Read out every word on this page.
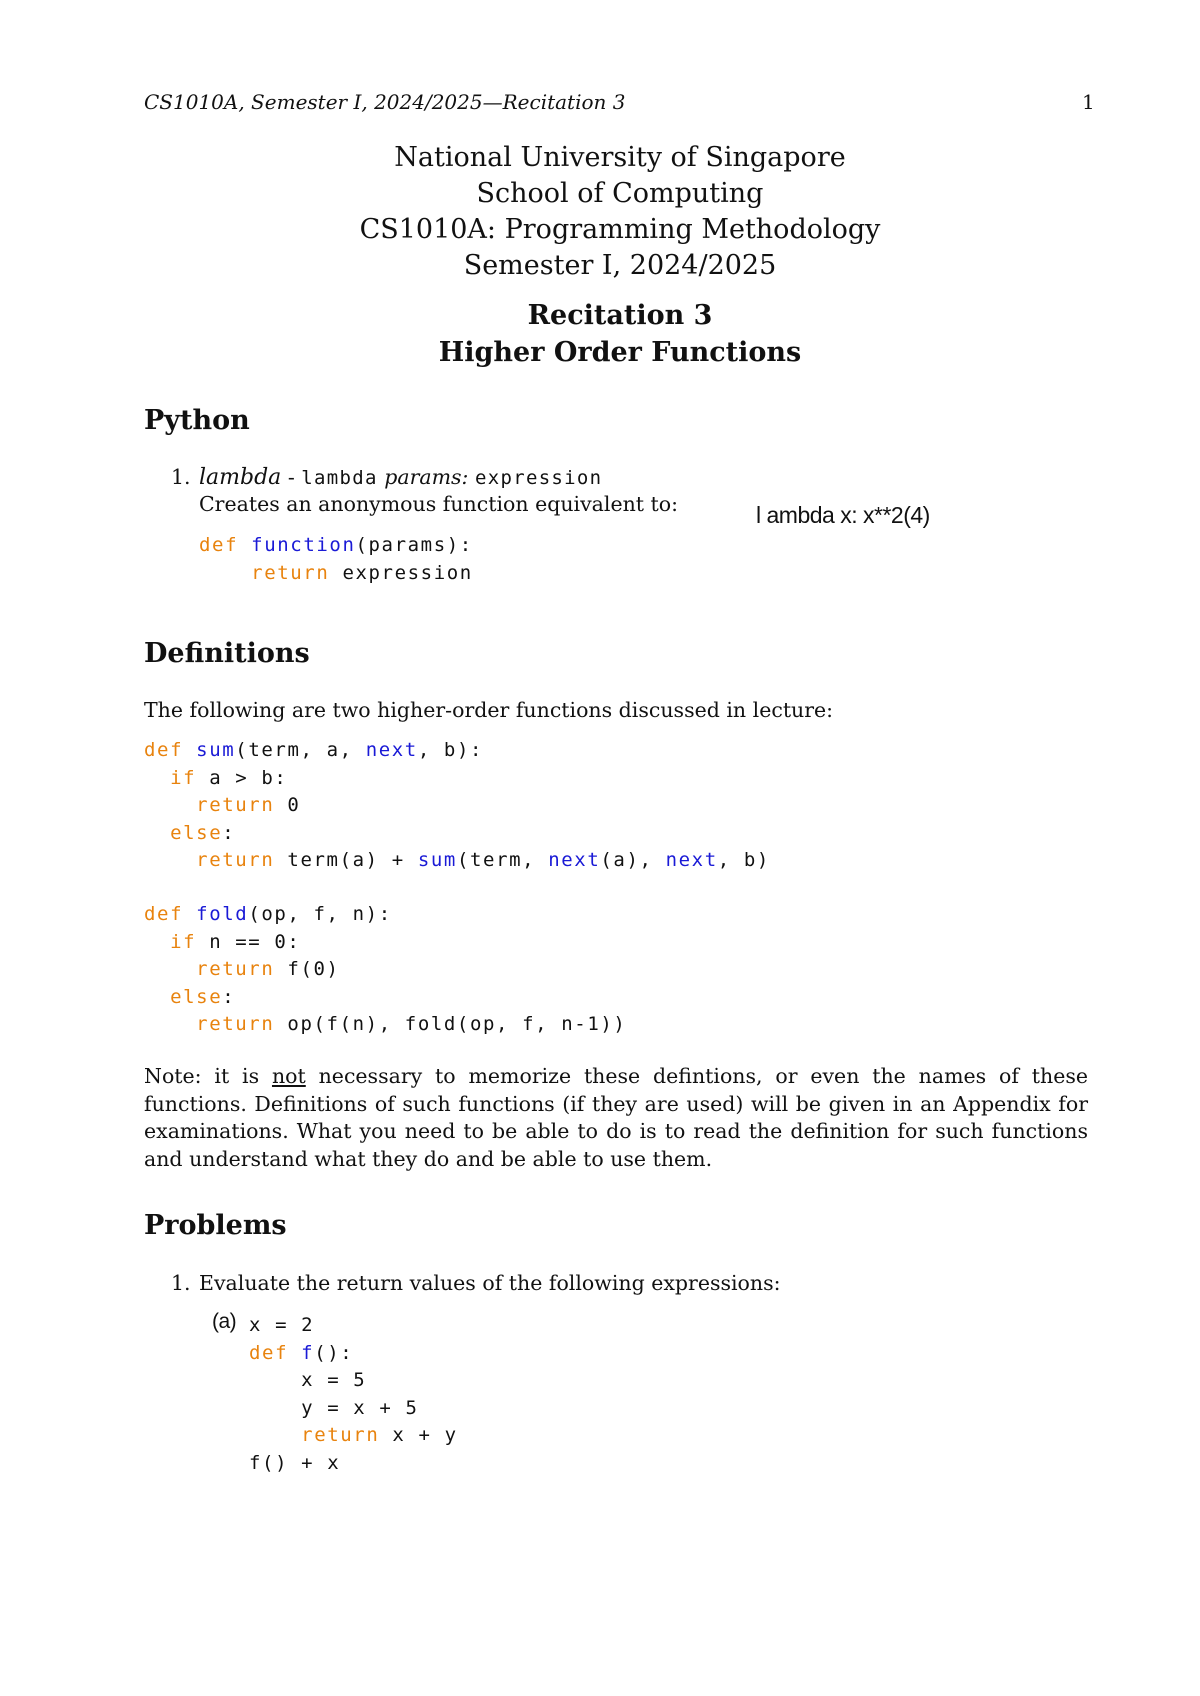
CS1010A, Semester I, 2024/2025—Recitation 3	1
National University of Singapore
School of Computing
CS1010A: Programming Methodology
Semester I, 2024/2025
Recitation 3
Higher Order Functions
Python
1. lambda - lambda params: expression
Creates an anonymous function equivalent to:	l ambda x: x**2(4)
def function(params):
return expression
Definitions
The following are two higher-order functions discussed in lecture:
def sum(term, a, next, b):
if a > b:
return 0
else:
return term(a) + sum(term, next(a), next, b)
def fold(op, f, n):
if n == 0:
return f(0)
else:
return op(f(n), fold(op, f, n-1))
Note: it is not necessary to memorize these defintions, or even the names of these functions. Definitions of such functions (if they are used) will be given in an Appendix for examinations. What you need to be able to do is to read the definition for such functions and understand what they do and be able to use them.
Problems
1. Evaluate the return values of the following expressions:
(a) x = 2
def f():
x = 5
y = x + 5
return x + y
f() + x
